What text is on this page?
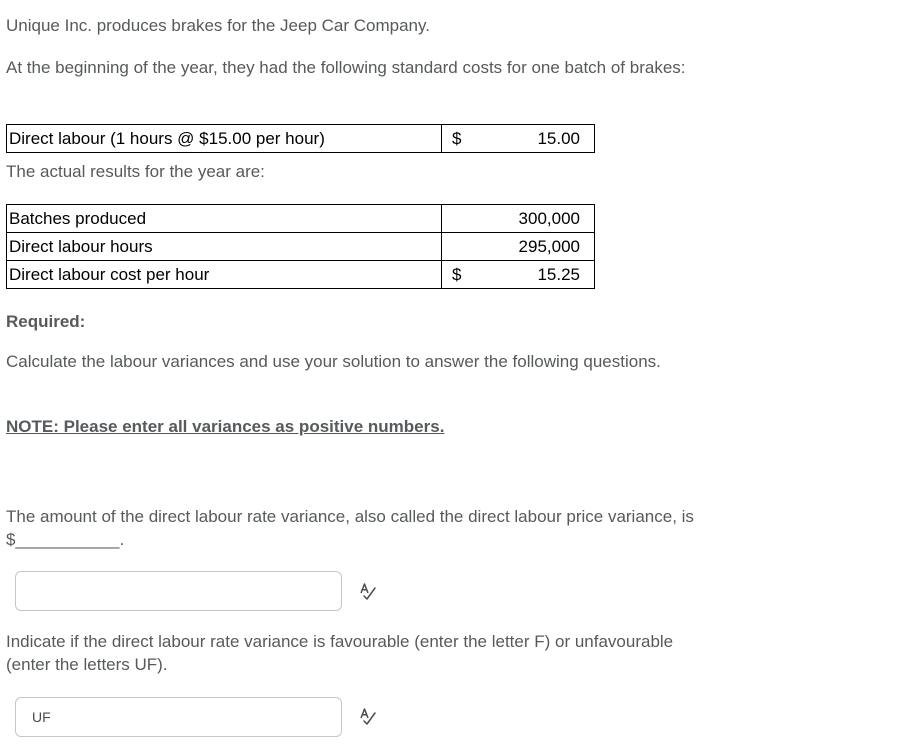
Unique Inc. produces brakes for the Jeep Car Company.

At the beginning of the year, they had the following standard costs for one batch of brakes:

Direct labour (1 hours @ $15.00 per hour)	$	15.00

The actual results for the year are:

Batches produced	300,000

Direct labour hours	295,000

Direct labour cost per hour	$ 15.25

Required:

Calculate the labour variances and use your solution to answer the following questions.

NOTE: Please enter all variances as positive numbers.

The amount of the direct labour rate variance, also called the direct labour price variance, is $___________.

Indicate if the direct labour rate variance is favourable (enter the letter F) or unfavourable (enter the letters UF).

UF
